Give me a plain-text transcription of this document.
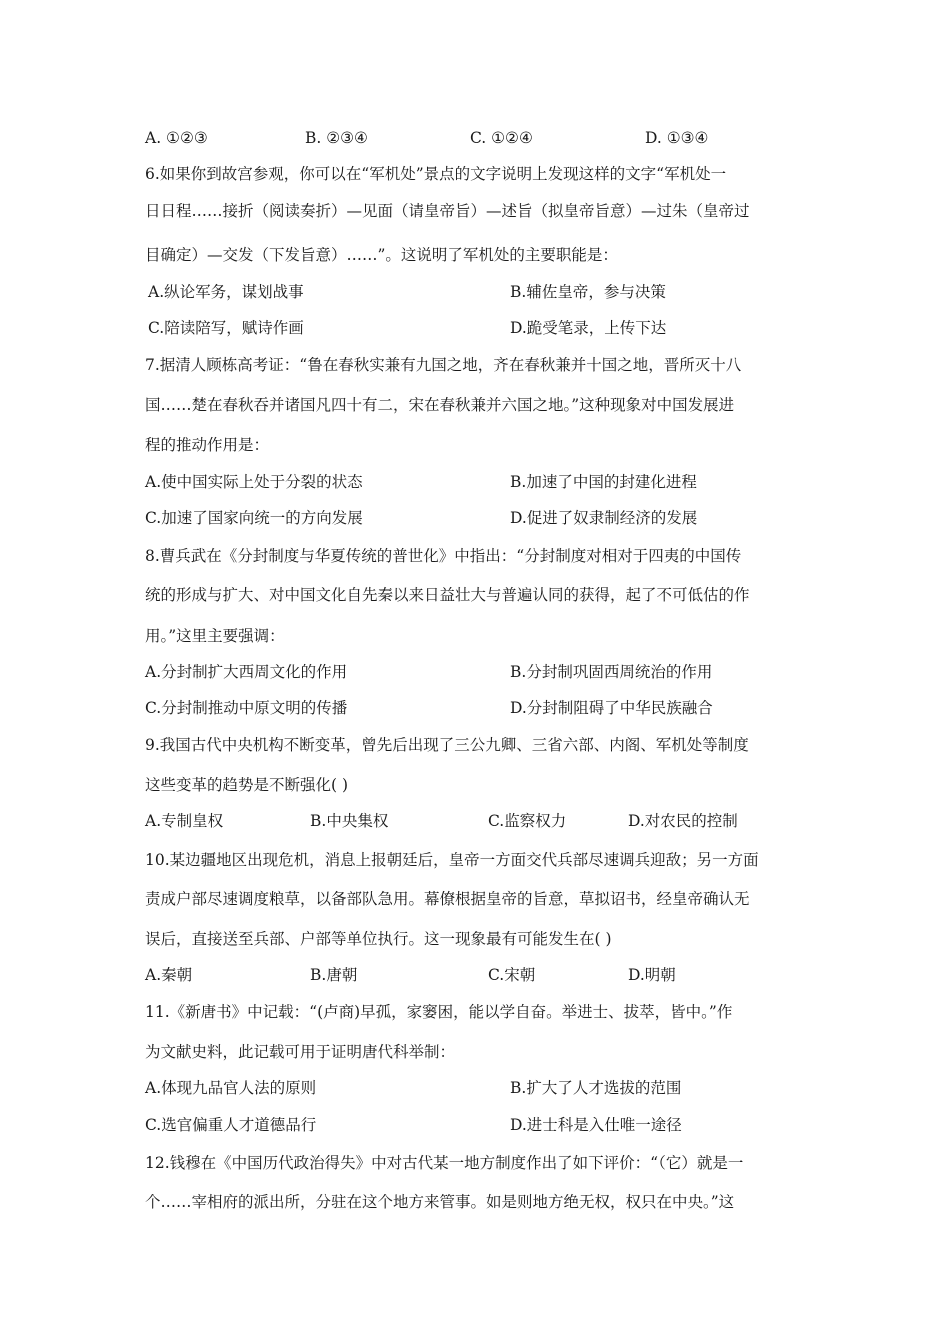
A. ①②③	B. ②③④	C. ①②④	D. ①③④
6.如果你到故宫参观，你可以在“军机处”景点的文字说明上发现这样的文字“军机处一
日日程……接折（阅读奏折）—见面（请皇帝旨）—述旨（拟皇帝旨意）—过朱（皇帝过
目确定）—交发（下发旨意）……”。这说明了军机处的主要职能是：
A.纵论军务，谋划战事	B.辅佐皇帝，参与决策
C.陪读陪写，赋诗作画	D.跪受笔录，上传下达
7.据清人顾栋高考证：“鲁在春秋实兼有九国之地，齐在春秋兼并十国之地，晋所灭十八
国……楚在春秋吞并诸国凡四十有二，宋在春秋兼并六国之地。”这种现象对中国发展进
程的推动作用是：
A.使中国实际上处于分裂的状态	B.加速了中国的封建化进程
C.加速了国家向统一的方向发展	D.促进了奴隶制经济的发展
8.曹兵武在《分封制度与华夏传统的普世化》中指出：“分封制度对相对于四夷的中国传
统的形成与扩大、对中国文化自先秦以来日益壮大与普遍认同的获得，起了不可低估的作
用。”这里主要强调：
A.分封制扩大西周文化的作用	B.分封制巩固西周统治的作用
C.分封制推动中原文明的传播	D.分封制阻碍了中华民族融合
9.我国古代中央机构不断变革，曾先后出现了三公九卿、三省六部、内阁、军机处等制度
这些变革的趋势是不断强化( )
A.专制皇权	B.中央集权	C.监察权力	D.对农民的控制
10.某边疆地区出现危机，消息上报朝廷后，皇帝一方面交代兵部尽速调兵迎敌；另一方面
责成户部尽速调度粮草，以备部队急用。幕僚根据皇帝的旨意，草拟诏书，经皇帝确认无
误后，直接送至兵部、户部等单位执行。这一现象最有可能发生在( )
A.秦朝	B.唐朝	C.宋朝	D.明朝
11.《新唐书》中记载：“(卢商)早孤，家窭困，能以学自奋。举进士、拔萃，皆中。”作
为文献史料，此记载可用于证明唐代科举制：
A.体现九品官人法的原则	B.扩大了人才选拔的范围
C.选官偏重人才道德品行	D.进士科是入仕唯一途径
12.钱穆在《中国历代政治得失》中对古代某一地方制度作出了如下评价：“（它）就是一
个……宰相府的派出所，分驻在这个地方来管事。如是则地方绝无权，权只在中央。”这
